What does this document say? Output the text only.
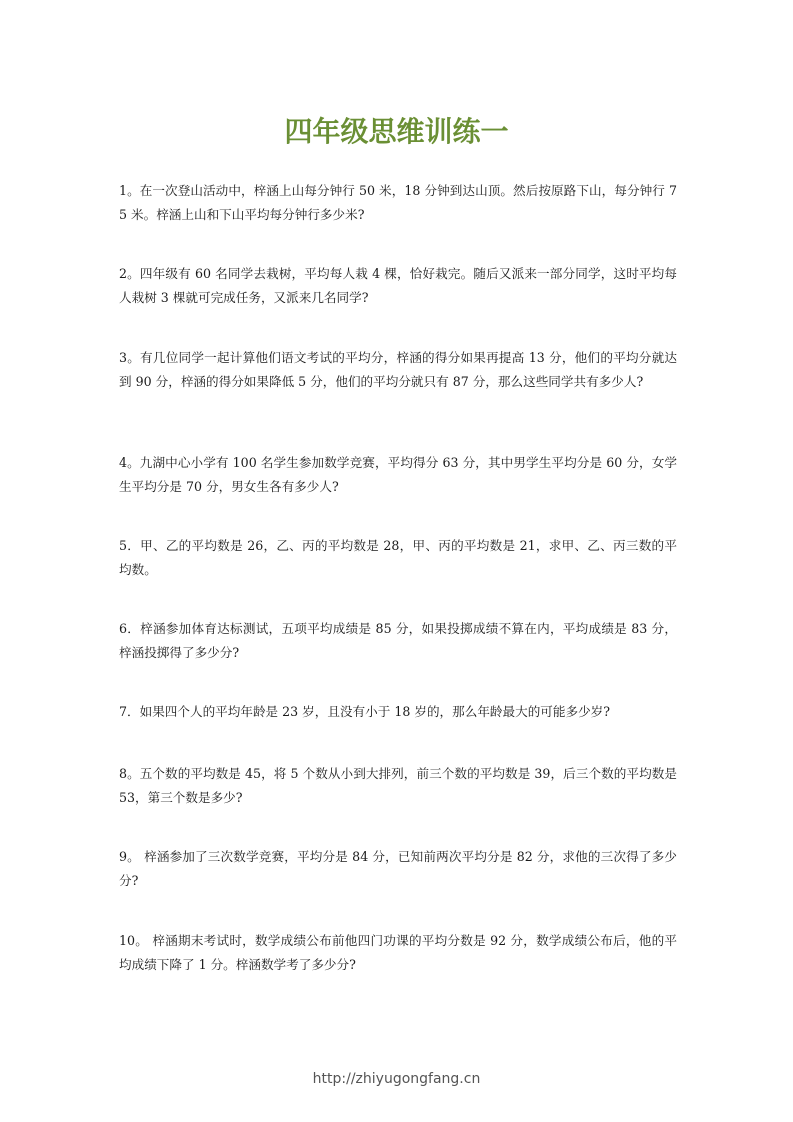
四年级思维训练一
1。在一次登山活动中，梓涵上山每分钟行 50 米，18 分钟到达山顶。然后按原路下山，每分钟行 75 米。梓涵上山和下山平均每分钟行多少米?
2。四年级有 60 名同学去栽树，平均每人栽 4 棵，恰好栽完。随后又派来一部分同学，这时平均每人栽树 3 棵就可完成任务，又派来几名同学?
3。有几位同学一起计算他们语文考试的平均分，梓涵的得分如果再提高 13 分，他们的平均分就达到 90 分，梓涵的得分如果降低 5 分，他们的平均分就只有 87 分，那么这些同学共有多少人?
4。九湖中心小学有 100 名学生参加数学竞赛，平均得分 63 分，其中男学生平均分是 60 分，女学生平均分是 70 分，男女生各有多少人?
5．甲、乙的平均数是 26，乙、丙的平均数是 28，甲、丙的平均数是 21，求甲、乙、丙三数的平均数。
6．梓涵参加体育达标测试，五项平均成绩是 85 分，如果投掷成绩不算在内，平均成绩是 83 分，梓涵投掷得了多少分?
7．如果四个人的平均年龄是 23 岁，且没有小于 18 岁的，那么年龄最大的可能多少岁?
8。五个数的平均数是 45，将 5 个数从小到大排列，前三个数的平均数是 39，后三个数的平均数是 53，第三个数是多少?
9。 梓涵参加了三次数学竞赛，平均分是 84 分，已知前两次平均分是 82 分，求他的三次得了多少分?
10。 梓涵期末考试时，数学成绩公布前他四门功课的平均分数是 92 分，数学成绩公布后，他的平均成绩下降了 1 分。梓涵数学考了多少分?
http://zhiyugongfang.cn
